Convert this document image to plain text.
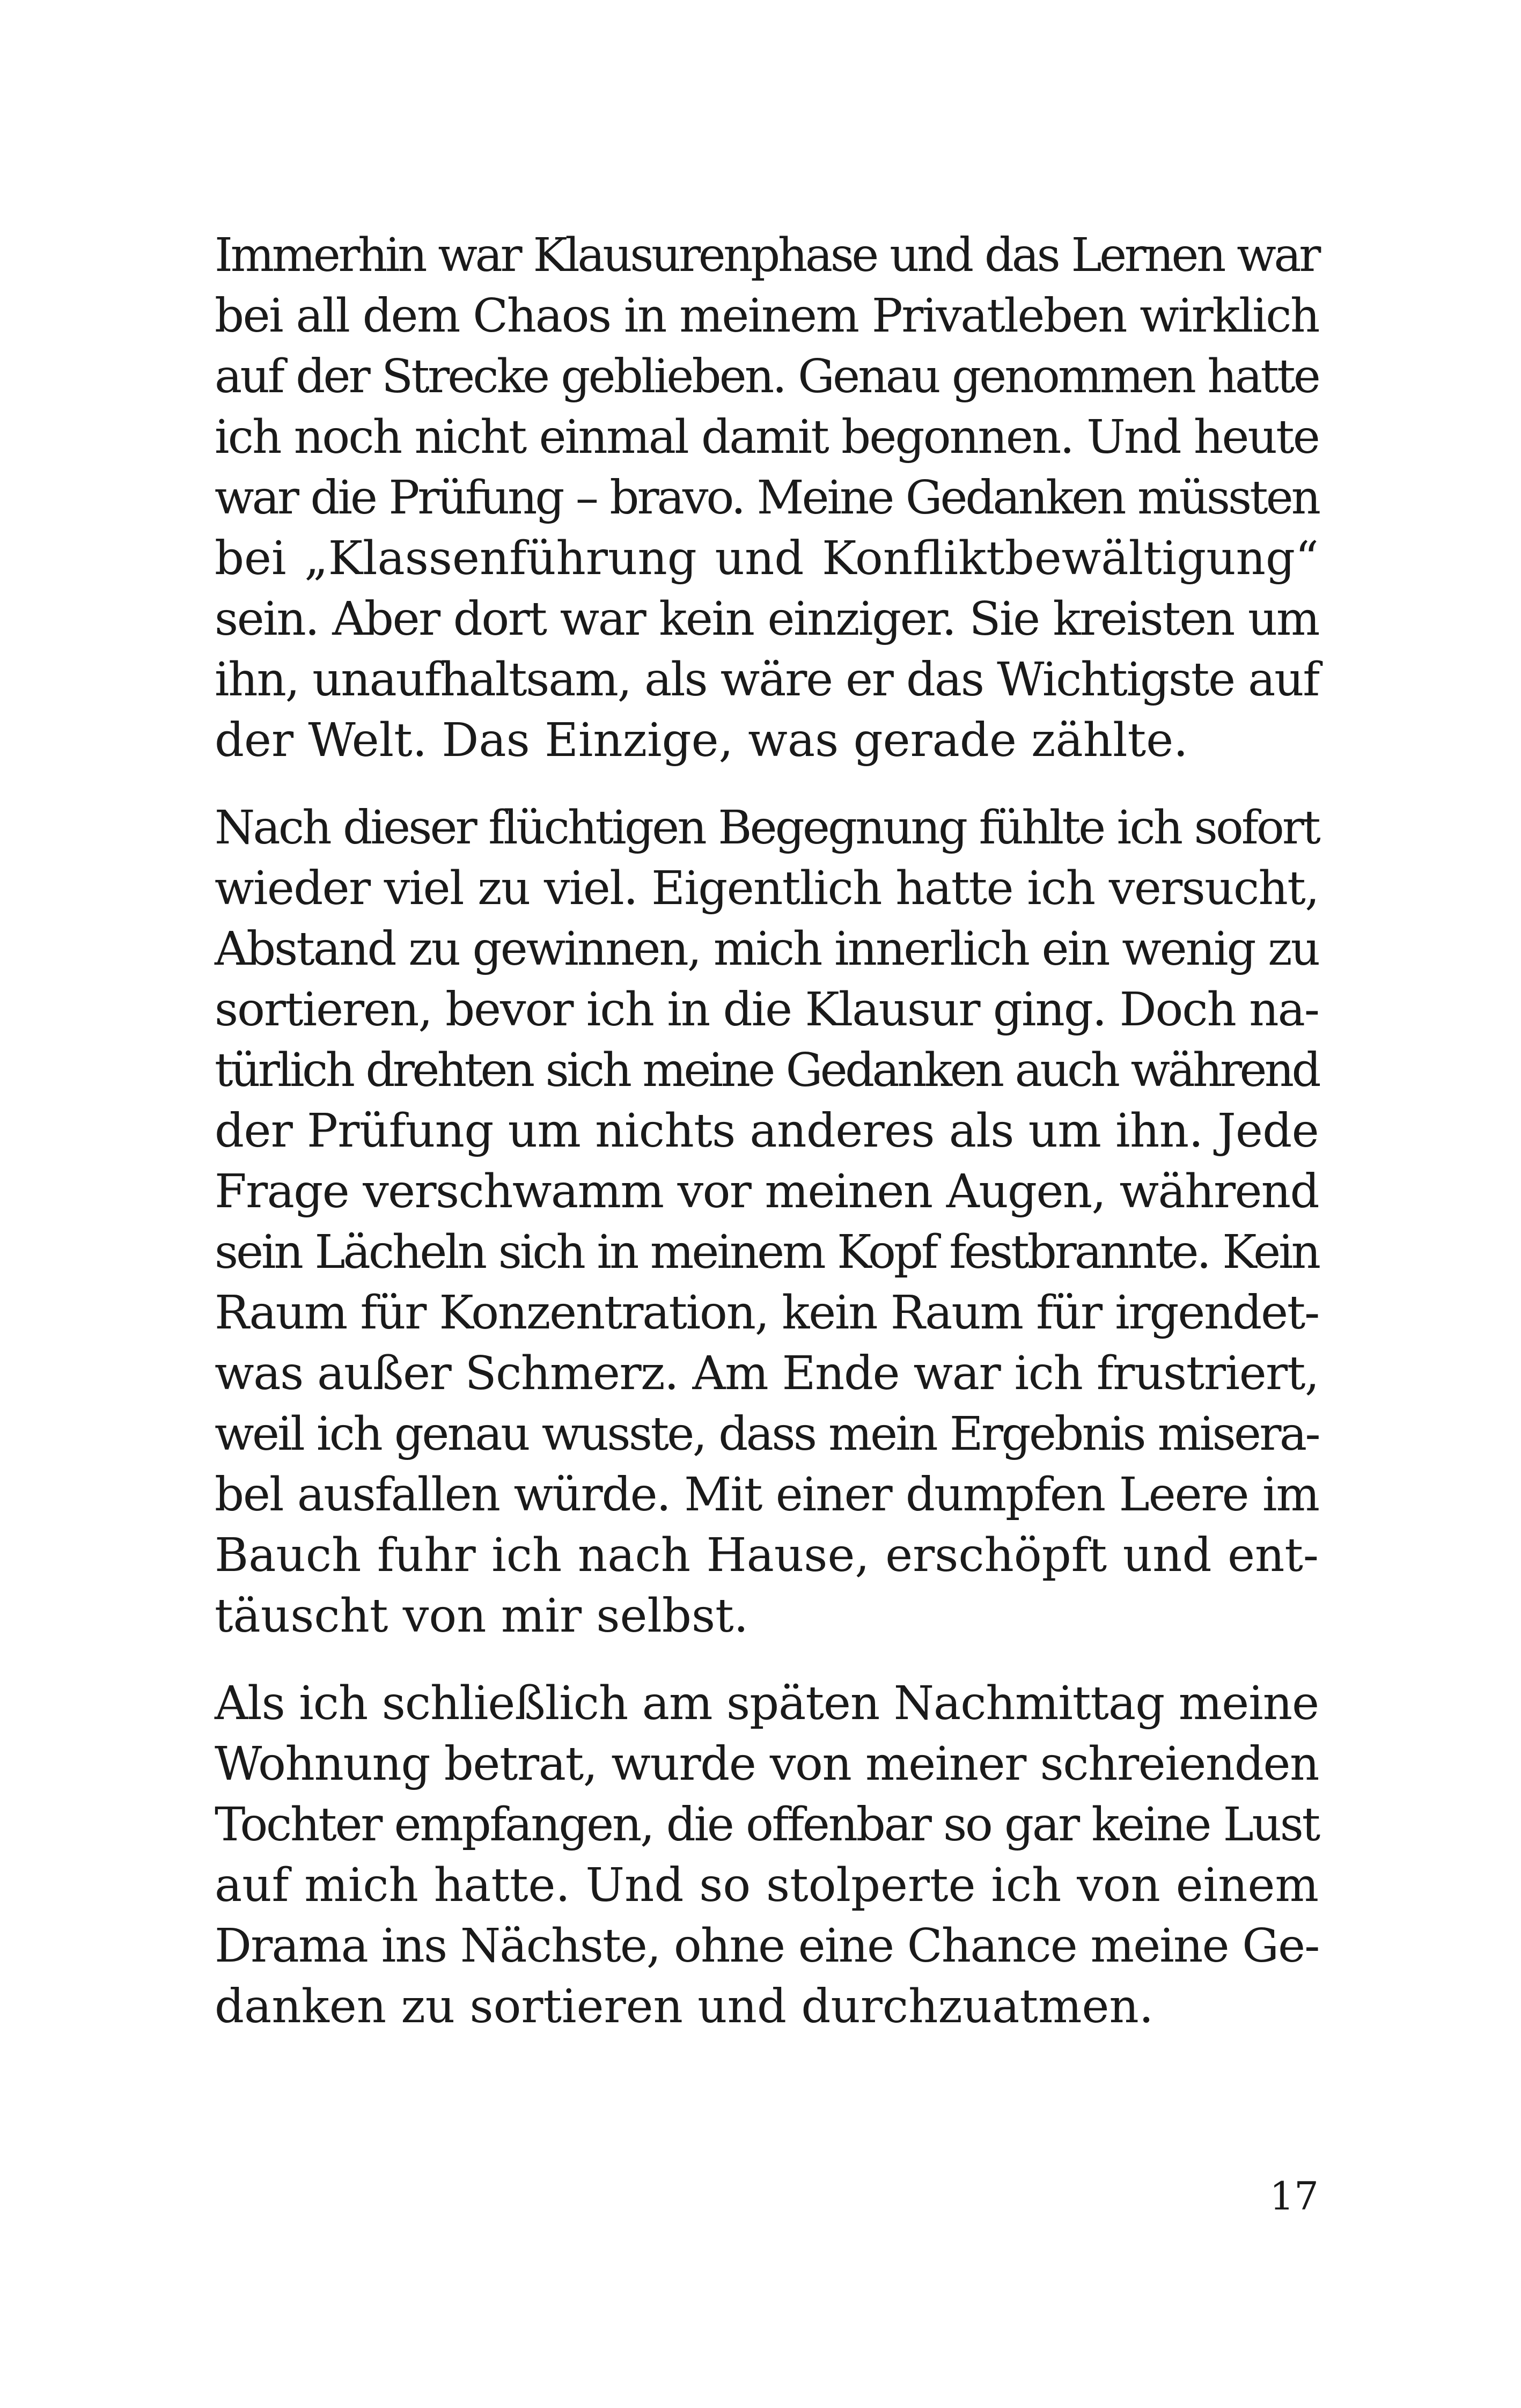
Immerhin war Klausurenphase und das Lernen war
bei all dem Chaos in meinem Privatleben wirklich
auf der Strecke geblieben. Genau genommen hatte
ich noch nicht einmal damit begonnen. Und heute
war die Prüfung – bravo. Meine Gedanken müssten
bei „Klassenführung und Konfliktbewältigung“
sein. Aber dort war kein einziger. Sie kreisten um
ihn, unaufhaltsam, als wäre er das Wichtigste auf
der Welt. Das Einzige, was gerade zählte.

Nach dieser flüchtigen Begegnung fühlte ich sofort
wieder viel zu viel. Eigentlich hatte ich versucht,
Abstand zu gewinnen, mich innerlich ein wenig zu
sortieren, bevor ich in die Klausur ging. Doch na-
türlich drehten sich meine Gedanken auch während
der Prüfung um nichts anderes als um ihn. Jede
Frage verschwamm vor meinen Augen, während
sein Lächeln sich in meinem Kopf festbrannte. Kein
Raum für Konzentration, kein Raum für irgendet-
was außer Schmerz. Am Ende war ich frustriert,
weil ich genau wusste, dass mein Ergebnis misera-
bel ausfallen würde. Mit einer dumpfen Leere im
Bauch fuhr ich nach Hause, erschöpft und ent-
täuscht von mir selbst.

Als ich schließlich am späten Nachmittag meine
Wohnung betrat, wurde von meiner schreienden
Tochter empfangen, die offenbar so gar keine Lust
auf mich hatte. Und so stolperte ich von einem
Drama ins Nächste, ohne eine Chance meine Ge-
danken zu sortieren und durchzuatmen.

17
